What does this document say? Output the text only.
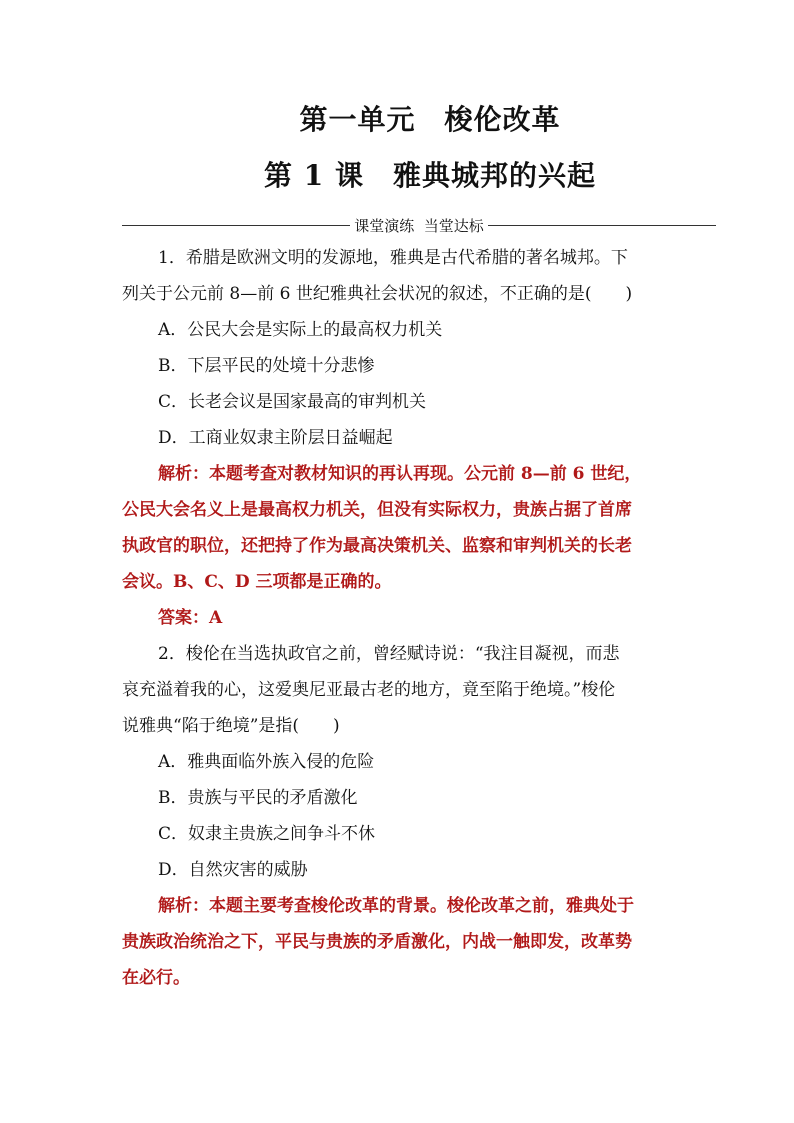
第一单元　梭伦改革
第 1 课　雅典城邦的兴起
课堂演练  当堂达标
1．希腊是欧洲文明的发源地，雅典是古代希腊的著名城邦。下
列关于公元前 8—前 6 世纪雅典社会状况的叙述，不正确的是(　　)
A．公民大会是实际上的最高权力机关
B．下层平民的处境十分悲惨
C．长老会议是国家最高的审判机关
D．工商业奴隶主阶层日益崛起
解析：本题考查对教材知识的再认再现。公元前 8—前 6 世纪，
公民大会名义上是最高权力机关，但没有实际权力，贵族占据了首席
执政官的职位，还把持了作为最高决策机关、监察和审判机关的长老
会议。B、C、D 三项都是正确的。
答案：A
2．梭伦在当选执政官之前，曾经赋诗说：“我注目凝视，而悲
哀充溢着我的心，这爱奥尼亚最古老的地方，竟至陷于绝境。”梭伦
说雅典“陷于绝境”是指(　　)
A．雅典面临外族入侵的危险
B．贵族与平民的矛盾激化
C．奴隶主贵族之间争斗不休
D．自然灾害的威胁
解析：本题主要考查梭伦改革的背景。梭伦改革之前，雅典处于
贵族政治统治之下，平民与贵族的矛盾激化，内战一触即发，改革势
在必行。
